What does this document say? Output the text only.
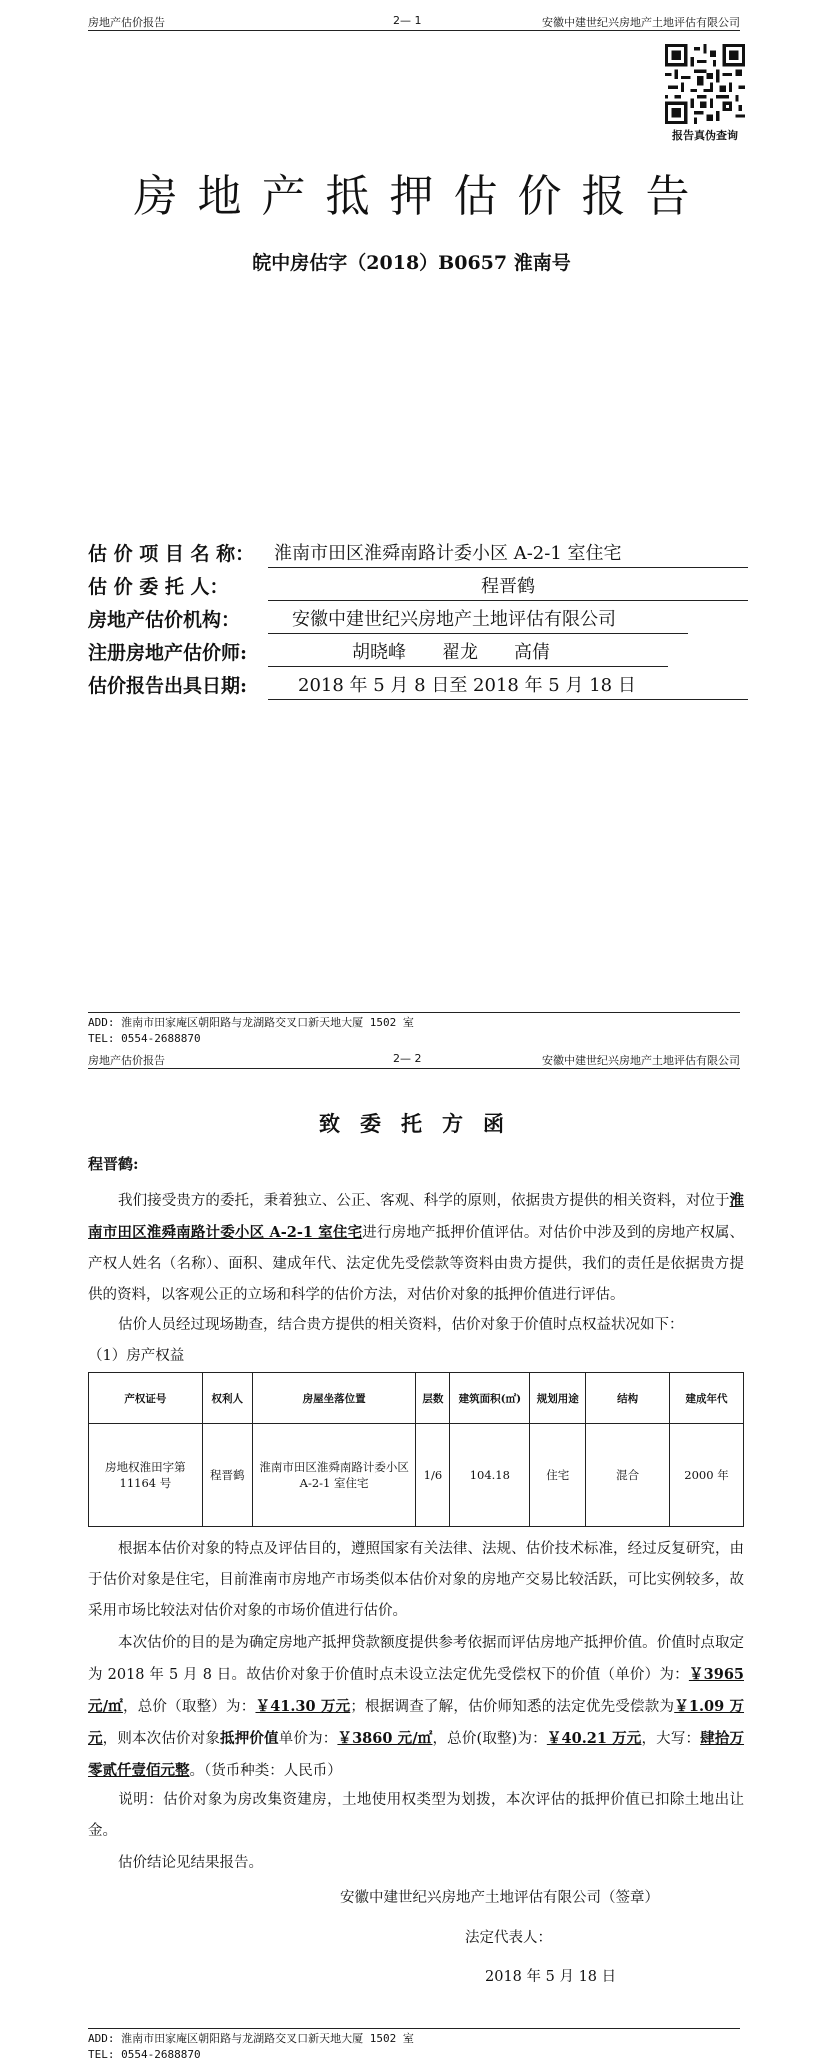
房地产估价报告	2— 1	安徽中建世纪兴房地产土地评估有限公司
报告真伪查询
房地产抵押估价报告
皖中房估字（2018）B0657 淮南号
估 价 项 目 名 称：	淮南市田区淮舜南路计委小区 A-2-1 室住宅
估 价 委 托 人：	程晋鹤
房地产估价机构：	安徽中建世纪兴房地产土地评估有限公司
注册房地产估价师:	胡晓峰　　翟龙　　高倩
估价报告出具日期:	2018 年 5 月 8 日至 2018 年 5 月 18 日
ADD: 淮南市田家庵区朝阳路与龙湖路交叉口新天地大厦 1502 室
TEL: 0554-2688870
房地产估价报告	2— 2	安徽中建世纪兴房地产土地评估有限公司
致委托方函
程晋鹤:
我们接受贵方的委托，秉着独立、公正、客观、科学的原则，依据贵方提供的相关资料，对位于淮南市田区淮舜南路计委小区 A-2-1 室住宅进行房地产抵押价值评估。对估价中涉及到的房地产权属、产权人姓名（名称）、面积、建成年代、法定优先受偿款等资料由贵方提供，我们的责任是依据贵方提供的资料，以客观公正的立场和科学的估价方法，对估价对象的抵押价值进行评估。
估价人员经过现场勘查，结合贵方提供的相关资料，估价对象于价值时点权益状况如下：
（1）房产权益
产权证号	权利人	房屋坐落位置	层数	建筑面积(㎡)	规划用途	结构	建成年代
房地权淮田字第 11164 号	程晋鹤	淮南市田区淮舜南路计委小区 A-2-1 室住宅	1/6	104.18	住宅	混合	2000 年
根据本估价对象的特点及评估目的，遵照国家有关法律、法规、估价技术标准，经过反复研究，由于估价对象是住宅，目前淮南市房地产市场类似本估价对象的房地产交易比较活跃，可比实例较多，故采用市场比较法对估价对象的市场价值进行估价。
本次估价的目的是为确定房地产抵押贷款额度提供参考依据而评估房地产抵押价值。价值时点取定为 2018 年 5 月 8 日。故估价对象于价值时点未设立法定优先受偿权下的价值（单价）为：￥3965 元/㎡，总价（取整）为：￥41.30 万元；根据调查了解，估价师知悉的法定优先受偿款为￥1.09 万元，则本次估价对象抵押价值单价为：￥3860 元/㎡，总价(取整)为：￥40.21 万元，大写：肆拾万零贰仟壹佰元整。（货币种类：人民币）
说明：估价对象为房改集资建房，土地使用权类型为划拨，本次评估的抵押价值已扣除土地出让金。
估价结论见结果报告。
安徽中建世纪兴房地产土地评估有限公司（签章）
法定代表人：
2018 年 5 月 18 日
ADD: 淮南市田家庵区朝阳路与龙湖路交叉口新天地大厦 1502 室
TEL: 0554-2688870
